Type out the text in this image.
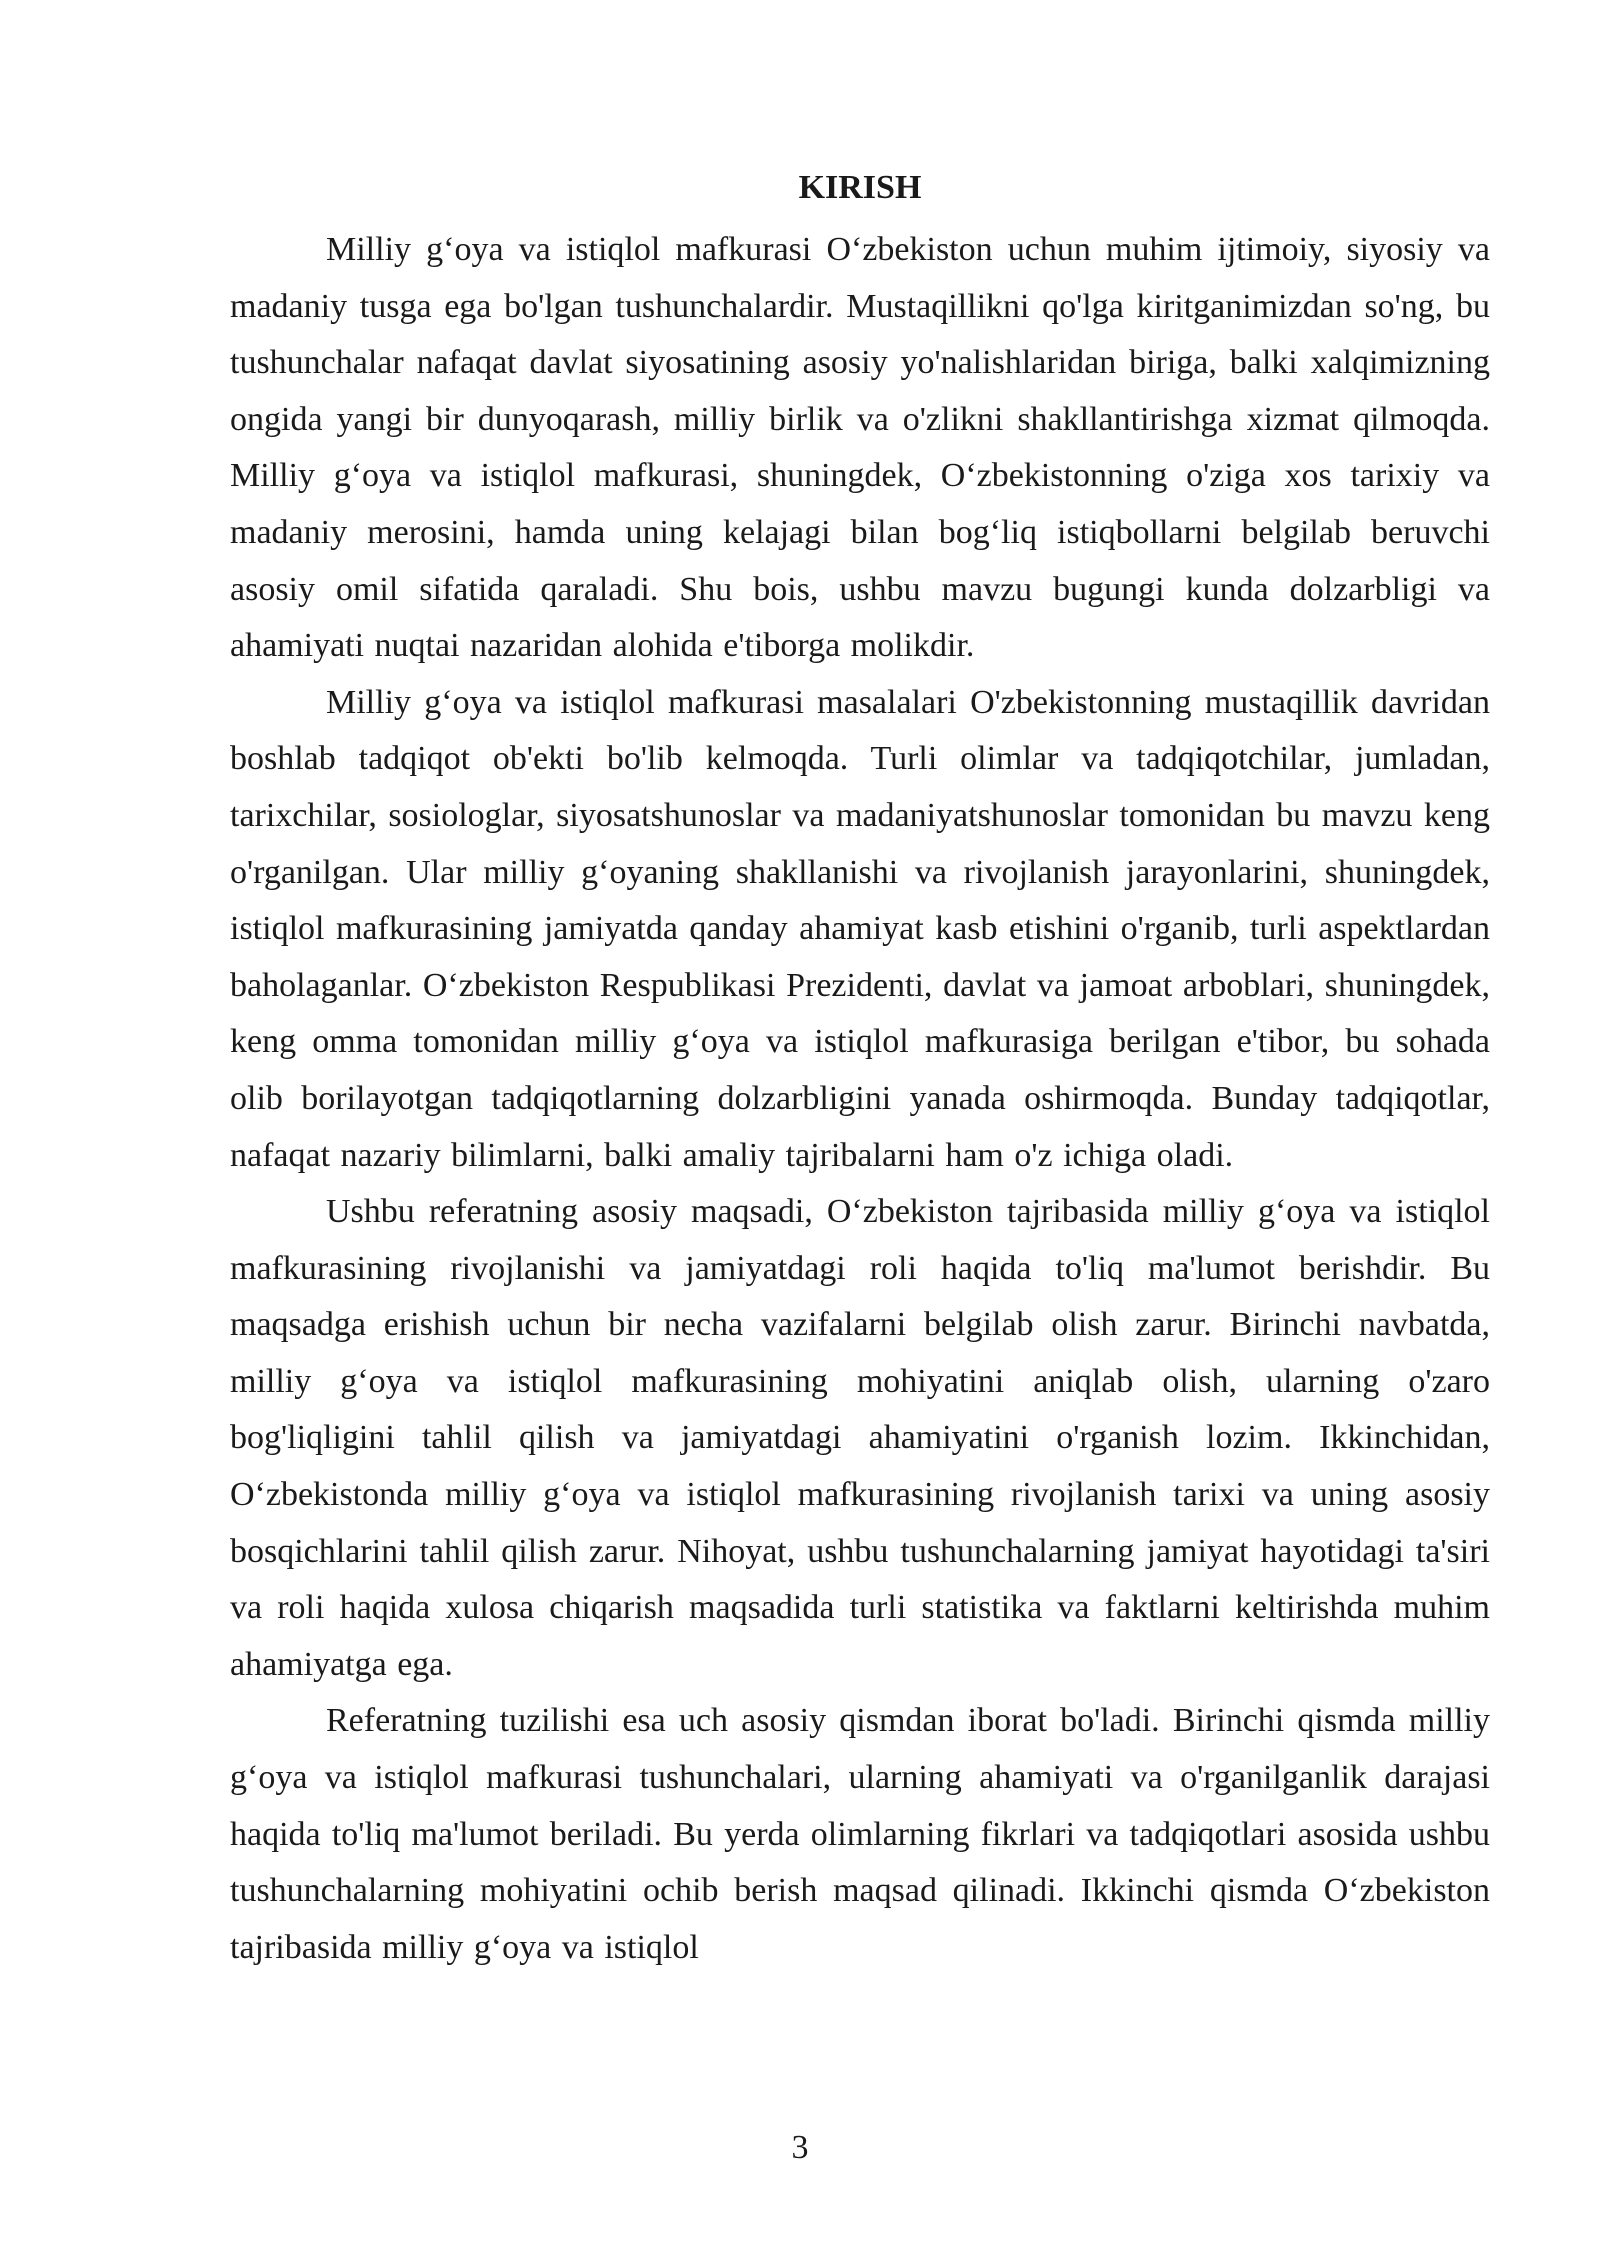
KIRISH

Milliy g‘oya va istiqlol mafkurasi O‘zbekiston uchun muhim ijtimoiy, siyosiy va madaniy tusga ega bo'lgan tushunchalardir. Mustaqillikni qo'lga kiritganimizdan so'ng, bu tushunchalar nafaqat davlat siyosatining asosiy yo'nalishlaridan biriga, balki xalqimizning ongida yangi bir dunyoqarash, milliy birlik va o'zlikni shakllantirishga xizmat qilmoqda. Milliy g‘oya va istiqlol mafkurasi, shuningdek, O‘zbekistonning o'ziga xos tarixiy va madaniy merosini, hamda uning kelajagi bilan bog‘liq istiqbollarni belgilab beruvchi asosiy omil sifatida qaraladi. Shu bois, ushbu mavzu bugungi kunda dolzarbligi va ahamiyati nuqtai nazaridan alohida e'tiborga molikdir.

Milliy g‘oya va istiqlol mafkurasi masalalari O'zbekistonning mustaqillik davridan boshlab tadqiqot ob'ekti bo'lib kelmoqda. Turli olimlar va tadqiqotchilar, jumladan, tarixchilar, sosiologlar, siyosatshunoslar va madaniyatshunoslar tomonidan bu mavzu keng o'rganilgan. Ular milliy g‘oyaning shakllanishi va rivojlanish jarayonlarini, shuningdek, istiqlol mafkurasining jamiyatda qanday ahamiyat kasb etishini o'rganib, turli aspektlardan baholaganlar. O‘zbekiston Respublikasi Prezidenti, davlat va jamoat arboblari, shuningdek, keng omma tomonidan milliy g‘oya va istiqlol mafkurasiga berilgan e'tibor, bu sohada olib borilayotgan tadqiqotlarning dolzarbligini yanada oshirmoqda. Bunday tadqiqotlar, nafaqat nazariy bilimlarni, balki amaliy tajribalarni ham o'z ichiga oladi.

Ushbu referatning asosiy maqsadi, O‘zbekiston tajribasida milliy g‘oya va istiqlol mafkurasining rivojlanishi va jamiyatdagi roli haqida to'liq ma'lumot berishdir. Bu maqsadga erishish uchun bir necha vazifalarni belgilab olish zarur. Birinchi navbatda, milliy g‘oya va istiqlol mafkurasining mohiyatini aniqlab olish, ularning o'zaro bog'liqligini tahlil qilish va jamiyatdagi ahamiyatini o'rganish lozim. Ikkinchidan, O‘zbekistonda milliy g‘oya va istiqlol mafkurasining rivojlanish tarixi va uning asosiy bosqichlarini tahlil qilish zarur. Nihoyat, ushbu tushunchalarning jamiyat hayotidagi ta'siri va roli haqida xulosa chiqarish maqsadida turli statistika va faktlarni keltirishda muhim ahamiyatga ega.

Referatning tuzilishi esa uch asosiy qismdan iborat bo'ladi. Birinchi qismda milliy g‘oya va istiqlol mafkurasi tushunchalari, ularning ahamiyati va o'rganilganlik darajasi haqida to'liq ma'lumot beriladi. Bu yerda olimlarning fikrlari va tadqiqotlari asosida ushbu tushunchalarning mohiyatini ochib berish maqsad qilinadi. Ikkinchi qismda O‘zbekiston tajribasida milliy g‘oya va istiqlol

3
